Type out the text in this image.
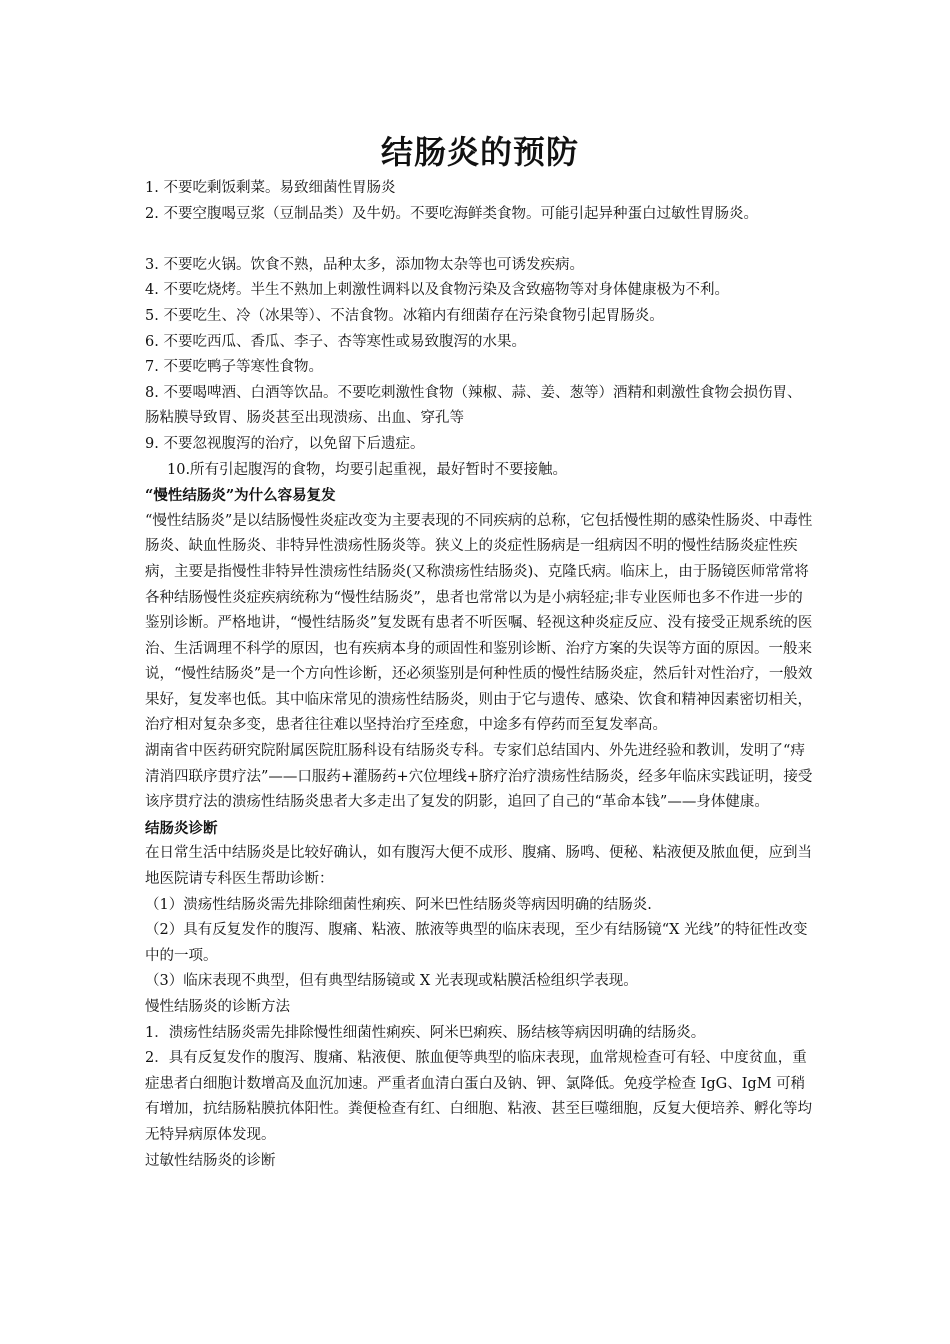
结肠炎的预防

1. 不要吃剩饭剩菜。易致细菌性胃肠炎

2. 不要空腹喝豆浆（豆制品类）及牛奶。不要吃海鲜类食物。可能引起异种蛋白过敏性胃肠炎。

3. 不要吃火锅。饮食不熟，品种太多，添加物太杂等也可诱发疾病。

4. 不要吃烧烤。半生不熟加上刺激性调料以及食物污染及含致癌物等对身体健康极为不利。

5. 不要吃生、冷（冰果等）、不洁食物。冰箱内有细菌存在污染食物引起胃肠炎。

6. 不要吃西瓜、香瓜、李子、杏等寒性或易致腹泻的水果。

7. 不要吃鸭子等寒性食物。

8. 不要喝啤酒、白酒等饮品。不要吃刺激性食物（辣椒、蒜、姜、葱等）酒精和刺激性食物会损伤胃、肠粘膜导致胃、肠炎甚至出现溃疡、出血、穿孔等

9. 不要忽视腹泻的治疗，以免留下后遗症。

10.所有引起腹泻的食物，均要引起重视，最好暂时不要接触。

“慢性结肠炎”为什么容易复发

“慢性结肠炎”是以结肠慢性炎症改变为主要表现的不同疾病的总称，它包括慢性期的感染性肠炎、中毒性肠炎、缺血性肠炎、非特异性溃疡性肠炎等。狭义上的炎症性肠病是一组病因不明的慢性结肠炎症性疾病，主要是指慢性非特异性溃疡性结肠炎(又称溃疡性结肠炎)、克隆氏病。临床上，由于肠镜医师常常将各种结肠慢性炎症疾病统称为“慢性结肠炎”，患者也常常以为是小病轻症;非专业医师也多不作进一步的鉴别诊断。严格地讲，“慢性结肠炎”复发既有患者不听医嘱、轻视这种炎症反应、没有接受正规系统的医治、生活调理不科学的原因，也有疾病本身的顽固性和鉴别诊断、治疗方案的失误等方面的原因。一般来说，“慢性结肠炎”是一个方向性诊断，还必须鉴别是何种性质的慢性结肠炎症，然后针对性治疗，一般效果好，复发率也低。其中临床常见的溃疡性结肠炎，则由于它与遗传、感染、饮食和精神因素密切相关，治疗相对复杂多变，患者往往难以坚持治疗至痊愈，中途多有停药而至复发率高。

湖南省中医药研究院附属医院肛肠科设有结肠炎专科。专家们总结国内、外先进经验和教训，发明了“痔清消四联序贯疗法”——口服药+灌肠药+穴位埋线+脐疗治疗溃疡性结肠炎，经多年临床实践证明，接受该序贯疗法的溃疡性结肠炎患者大多走出了复发的阴影，追回了自己的“革命本钱”——身体健康。

结肠炎诊断

在日常生活中结肠炎是比较好确认，如有腹泻大便不成形、腹痛、肠鸣、便秘、粘液便及脓血便，应到当地医院请专科医生帮助诊断：

（1）溃疡性结肠炎需先排除细菌性痢疾、阿米巴性结肠炎等病因明确的结肠炎.

（2）具有反复发作的腹泻、腹痛、粘液、脓液等典型的临床表现，至少有结肠镜“X 光线”的特征性改变中的一项。

（3）临床表现不典型，但有典型结肠镜或 X 光表现或粘膜活检组织学表现。

慢性结肠炎的诊断方法

1．溃疡性结肠炎需先排除慢性细菌性痢疾、阿米巴痢疾、肠结核等病因明确的结肠炎。

2．具有反复发作的腹泻、腹痛、粘液便、脓血便等典型的临床表现，血常规检查可有轻、中度贫血，重症患者白细胞计数增高及血沉加速。严重者血清白蛋白及钠、钾、氯降低。免疫学检查 IgG、IgM 可稍有增加，抗结肠粘膜抗体阳性。粪便检查有红、白细胞、粘液、甚至巨噬细胞，反复大便培养、孵化等均无特异病原体发现。

过敏性结肠炎的诊断
